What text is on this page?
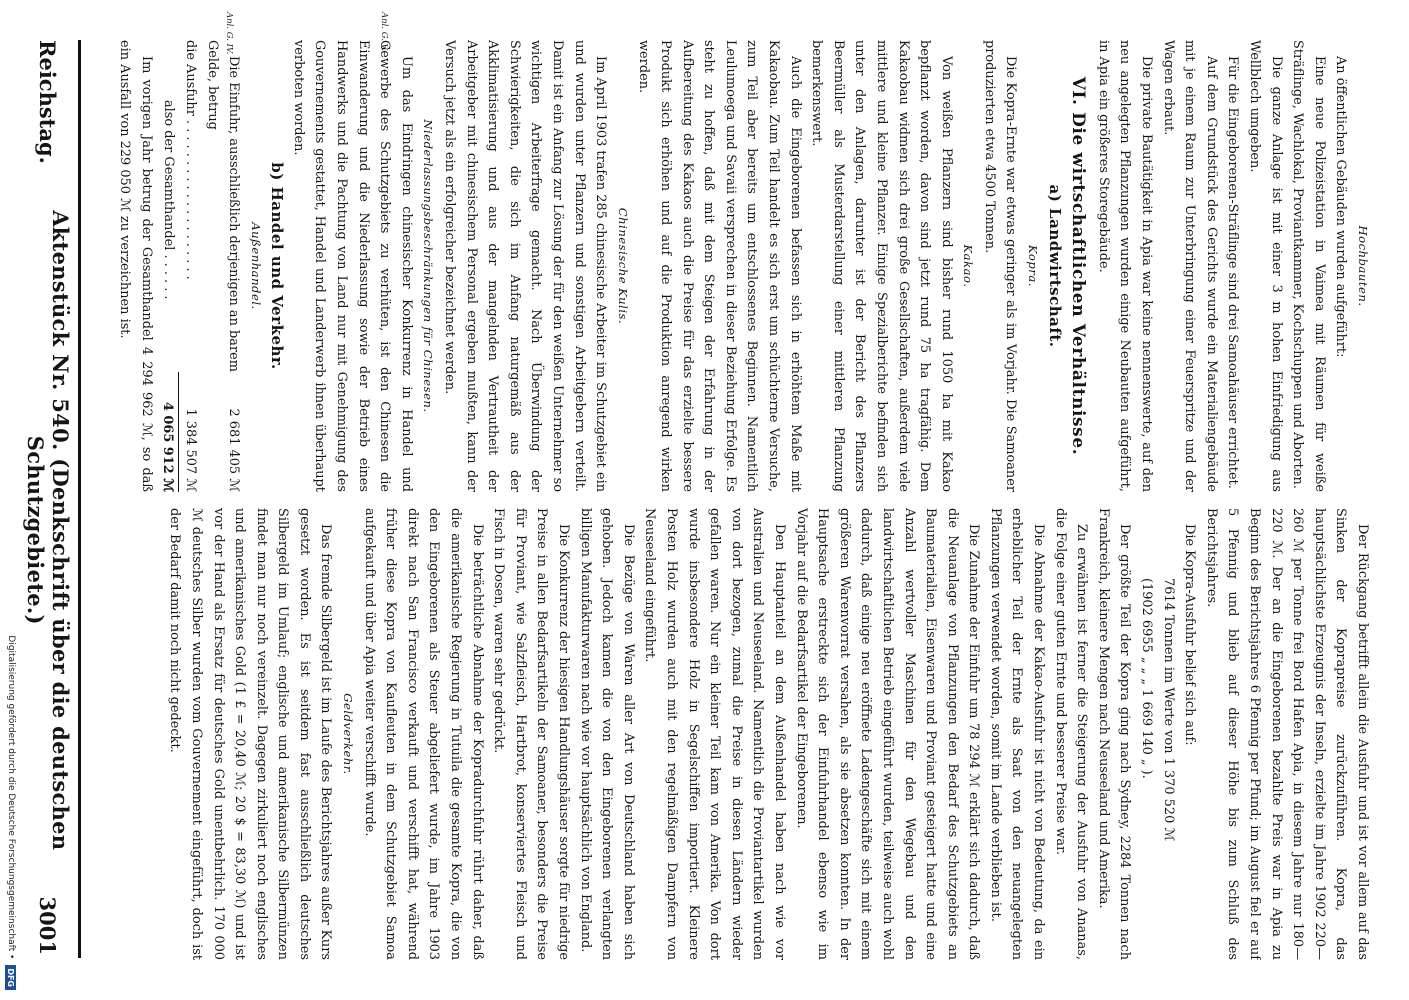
Hochbauten.

An öffentlichen Gebäuden wurden aufgeführt:

Eine neue Polizeistation in Vaimea mit Räumen für weiße Sträflinge, Wachlokal, Proviantkammer, Kochschuppen und Aborten.

Die ganze Anlage ist mit einer 3 m hohen Einfriedigung aus Wellblech umgeben.

Für die Eingeborenen-Sträflinge sind drei Samoahäuser errichtet.

Auf dem Grundstück des Gerichts wurde ein Materialiengebäude mit je einem Raum zur Unterbringung einer Feuerspritze und der Wagen erbaut.

Die private Bautätigkeit in Apia war keine nennenswerte, auf den neu angelegten Pflanzungen wurden einige Neubauten aufgeführt, in Apia ein größeres Storegebäude.

VI. Die wirtschaftlichen Verhältnisse.

a) Landwirtschaft.

Kopra.

Die Kopra-Ernte war etwas geringer als im Vorjahr. Die Samoaner produzierten etwa 4500 Tonnen.

Kakao.

Von weißen Pflanzern sind bisher rund 1050 ha mit Kakao bepflanzt worden, davon sind jetzt rund 75 ha tragfähig. Dem Kakaobau widmen sich drei große Gesellschaften, außerdem viele mittlere und kleine Pflanzer. Einige Spezialberichte befinden sich unter den Anlagen, darunter ist der Bericht des Pflanzers Beermüller als Musterdarstellung einer mittleren Pflanzung bemerkenswert.

Auch die Eingeborenen befassen sich in erhöhtem Maße mit Kakaobau. Zum Teil handelt es sich erst um schüchterne Versuche, zum Teil aber bereits um entschlossenes Beginnen. Namentlich Leulumoega und Savaii versprechen in dieser Beziehung Erfolge. Es steht zu hoffen, daß mit dem Steigen der Erfahrung in der Aufbereitung des Kakaos auch die Preise für das erzielte bessere Produkt sich erhöhen und auf die Produktion anregend wirken werden.

Chinesische Kulis.

Im April 1903 trafen 285 chinesische Arbeiter im Schutzgebiet ein und wurden unter Pflanzern und sonstigen Arbeitgebern verteilt. Damit ist ein Anfang zur Lösung der für den weißen Unternehmer so wichtigen Arbeiterfrage gemacht. Nach Überwindung der Schwierigkeiten, die sich im Anfang naturgemäß aus der Akklimatisierung und aus der mangelnden Vertrautheit der Arbeitgeber mit chinesischem Personal ergeben mußten, kann der Versuch jetzt als ein erfolgreicher bezeichnet werden.

Niederlassungsbeschränkungen für Chinesen.

Um das Eindringen chinesischer Konkurrenz in Handel und Gewerbe des Schutzgebiets zu verhüten, ist den Chinesen die Einwanderung und die Niederlassung sowie der Betrieb eines Handwerks und die Pachtung von Land nur mit Genehmigung des Gouvernements gestattet, Handel und Landerwerb ihnen überhaupt verboten worden.

b) Handel und Verkehr.

Außenhandel.

Die Einfuhr, ausschließlich derjenigen an barem Gelde, betrug
2 681 405 ℳ
die Ausfuhr . . . . . . . . . . . . . . . . . . . .
1 384 507 ℳ
also der Gesamthandel . . . . . .
4 065 912 ℳ

Im vorigen Jahr betrug der Gesamthandel 4 294 962 ℳ, so daß ein Ausfall von 229 050 ℳ zu verzeichnen ist.

Der Rückgang betrifft allein die Ausfuhr und ist vor allem auf das Sinken der Koprapreise zurückzuführen. Kopra, das hauptsächlichste Erzeugnis der Inseln, erzielte im Jahre 1902 220—260 ℳ per Tonne frei Bord Hafen Apia, in diesem Jahre nur 180—220 ℳ. Der an die Eingeborenen bezahlte Preis war in Apia zu Beginn des Berichtsjahres 6 Pfennig per Pfund; im August fiel er auf 5 Pfennig und blieb auf dieser Höhe bis zum Schluß des Berichtsjahres.

Die Kopra-Ausfuhr belief sich auf:

7614 Tonnen im Werte von 1 370 520 ℳ

(1902 6955 „ „ „ 1 669 140 „ ).

Der größte Teil der Kopra ging nach Sydney, 2284 Tonnen nach Frankreich, kleinere Mengen nach Neuseeland und Amerika.

Zu erwähnen ist ferner die Steigerung der Ausfuhr von Ananas, die Folge einer guten Ernte und besserer Preise war.

Die Abnahme der Kakao-Ausfuhr ist nicht von Bedeutung, da ein erheblicher Teil der Ernte als Saat von den neuangelegten Pflanzungen verwendet worden, somit im Lande verblieben ist.

Die Zunahme der Einfuhr um 78 294 ℳ erklärt sich dadurch, daß die Neuanlage von Pflanzungen den Bedarf des Schutzgebiets an Baumaterialien, Eisenwaren und Proviant gesteigert hatte und eine Anzahl wertvoller Maschinen für den Wegebau und den landwirtschaftlichen Betrieb eingeführt wurden, teilweise auch wohl dadurch, daß einige neu eröffnete Ladengeschäfte sich mit einem größeren Warenvorrat versahen, als sie absetzen konnten. In der Hauptsache erstreckte sich der Einfuhrhandel ebenso wie im Vorjahr auf die Bedarfsartikel der Eingeborenen.

Den Hauptanteil an dem Außenhandel haben nach wie vor Australien und Neuseeland. Namentlich die Proviantartikel wurden von dort bezogen, zumal die Preise in diesen Ländern wieder gefallen waren. Nur ein kleiner Teil kam von Amerika. Von dort wurde insbesondere Holz in Segelschiffen importiert. Kleinere Posten Holz wurden auch mit den regelmäßigen Dampfern von Neuseeland eingeführt.

Die Bezüge von Waren aller Art von Deutschland haben sich gehoben. Jedoch kamen die von den Eingeborenen verlangten billigen Manufakturwaren nach wie vor hauptsächlich von England.

Die Konkurrenz der hiesigen Handlungshäuser sorgte für niedrige Preise in allen Bedarfsartikeln der Samoaner, besonders die Preise für Proviant, wie Salzfleisch, Hartbrot, konserviertes Fleisch und Fisch in Dosen, waren sehr gedrückt.

Die beträchtliche Abnahme der Kopradurchfuhr rührt daher, daß die amerikanische Regierung in Tutuila die gesamte Kopra, die von den Eingeborenen als Steuer abgeliefert wurde, im Jahre 1903 direkt nach San Francisco verkauft und verschifft hat, während früher diese Kopra von Kaufleuten in dem Schutzgebiet Samoa aufgekauft und über Apia weiter verschifft wurde.

Geldverkehr.

Das fremde Silbergeld ist im Laufe des Berichtsjahres außer Kurs gesetzt worden. Es ist seitdem fast ausschließlich deutsches Silbergeld im Umlauf; englische und amerikanische Silbermünzen findet man nur noch vereinzelt. Dagegen zirkuliert noch englisches und amerikanisches Gold (1 £ = 20,40 ℳ; 20 $ = 83,30 ℳ) und ist vor der Hand als Ersatz für deutsches Gold unentbehrlich. 170 000 ℳ deutsches Silber wurden vom Gouvernement eingeführt, doch ist der Bedarf damit noch nicht gedeckt.

Anl. G. IV.	Anl. G. V.
Reichstag.
Aktenstück Nr. 540. (Denkschrift über die deutschen Schutzgebiete.)
3001
Digitalisierung gefördert durch die Deutsche Forschungsgemeinschaft •
DFG
